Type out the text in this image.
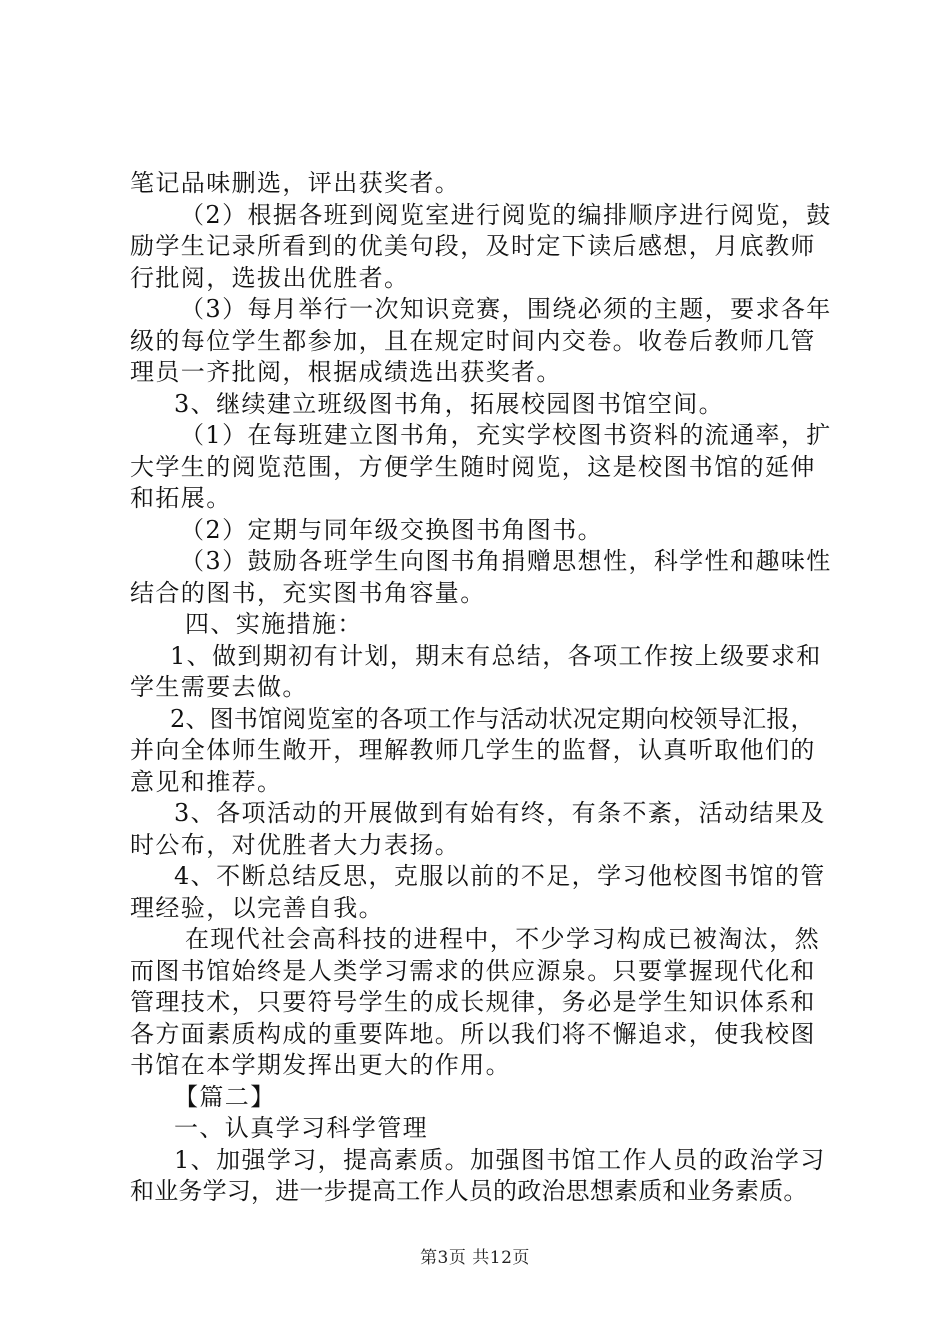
笔记品味删选，评出获奖者。
（2）根据各班到阅览室进行阅览的编排顺序进行阅览，鼓
励学生记录所看到的优美句段，及时定下读后感想，月底教师
行批阅，选拔出优胜者。
（3）每月举行一次知识竞赛，围绕必须的主题，要求各年
级的每位学生都参加，且在规定时间内交卷。收卷后教师几管
理员一齐批阅，根据成绩选出获奖者。
3、继续建立班级图书角，拓展校园图书馆空间。
（1）在每班建立图书角，充实学校图书资料的流通率，扩
大学生的阅览范围，方便学生随时阅览，这是校图书馆的延伸
和拓展。
（2）定期与同年级交换图书角图书。
（3）鼓励各班学生向图书角捐赠思想性，科学性和趣味性
结合的图书，充实图书角容量。
四、实施措施：
1、做到期初有计划，期末有总结，各项工作按上级要求和
学生需要去做。
2、图书馆阅览室的各项工作与活动状况定期向校领导汇报，
并向全体师生敞开，理解教师几学生的监督，认真听取他们的
意见和推荐。
3、各项活动的开展做到有始有终，有条不紊，活动结果及
时公布，对优胜者大力表扬。
4、不断总结反思，克服以前的不足，学习他校图书馆的管
理经验，以完善自我。
在现代社会高科技的进程中，不少学习构成已被淘汰，然
而图书馆始终是人类学习需求的供应源泉。只要掌握现代化和
管理技术，只要符号学生的成长规律，务必是学生知识体系和
各方面素质构成的重要阵地。所以我们将不懈追求，使我校图
书馆在本学期发挥出更大的作用。
【篇二】
一、认真学习科学管理
1、加强学习，提高素质。加强图书馆工作人员的政治学习
和业务学习，进一步提高工作人员的政治思想素质和业务素质。
第3页 共12页
